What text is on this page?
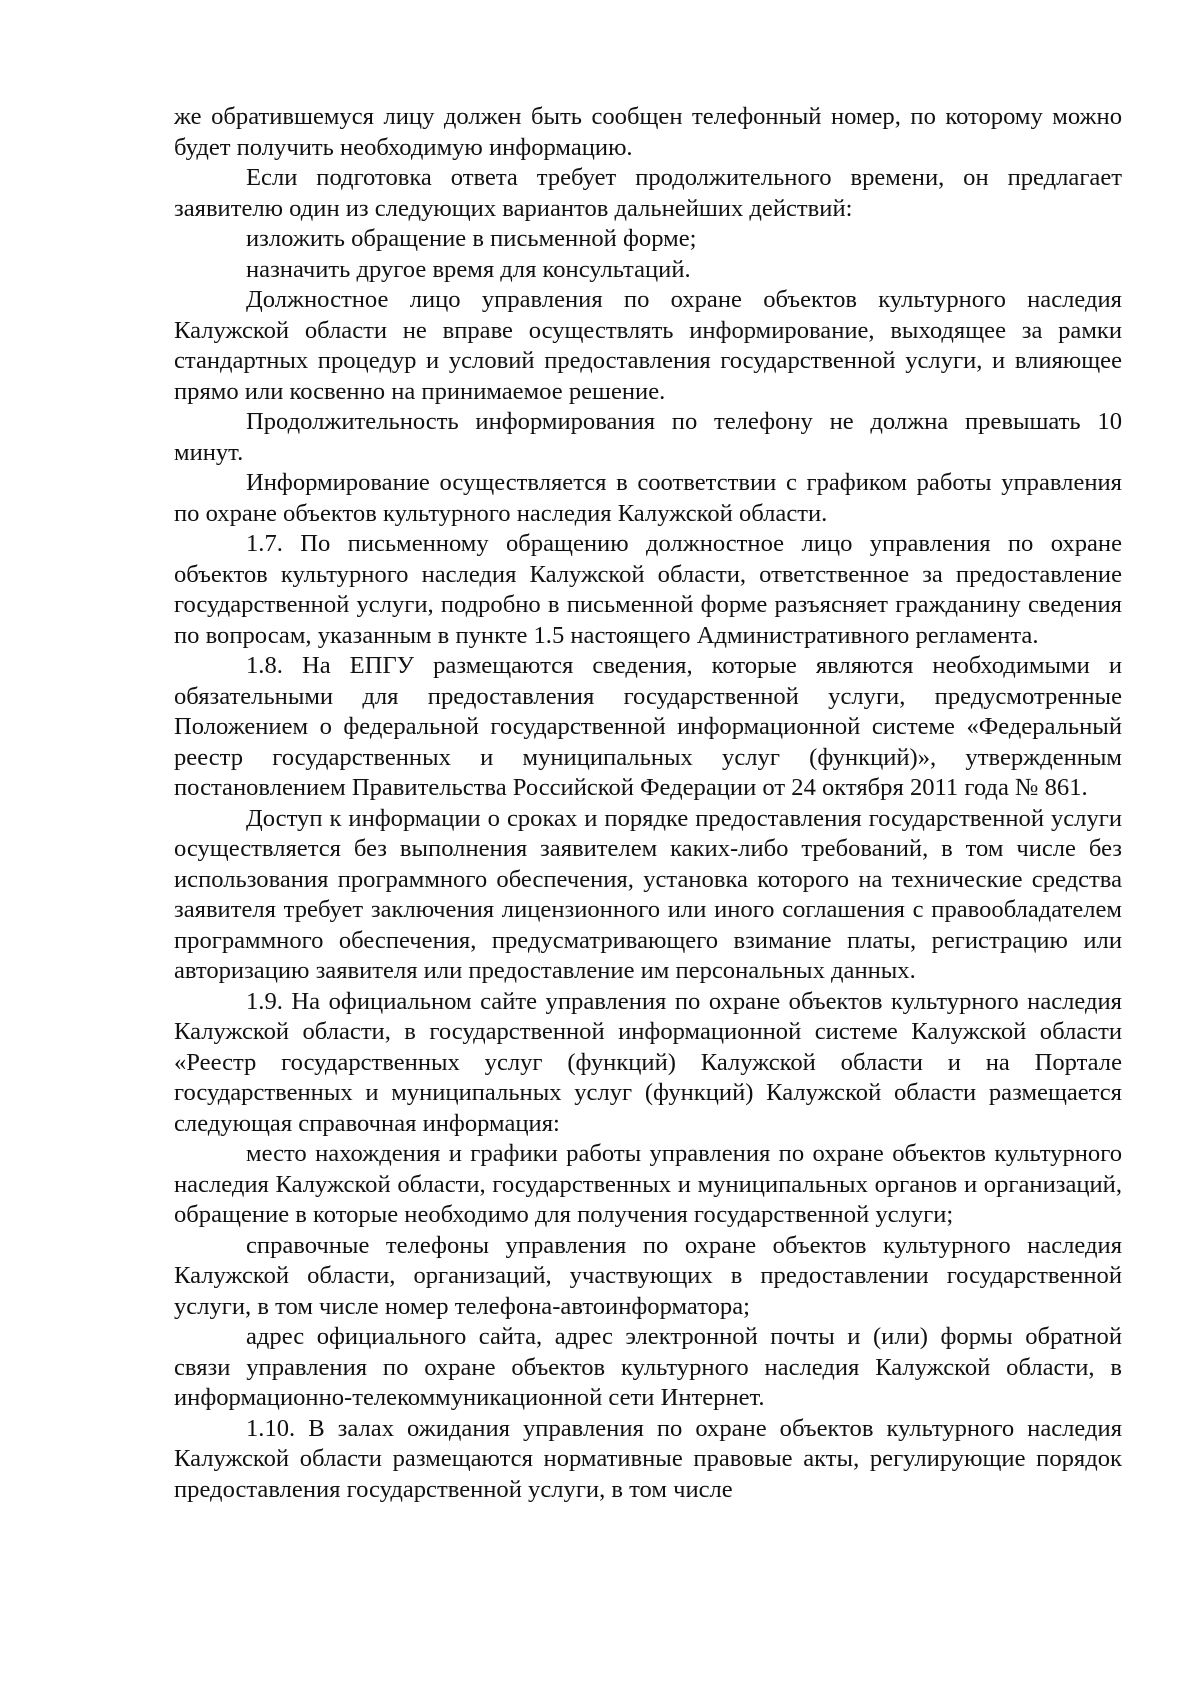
же обратившемуся лицу должен быть сообщен телефонный номер, по которому можно будет получить необходимую информацию.

Если подготовка ответа требует продолжительного времени, он предлагает заявителю один из следующих вариантов дальнейших действий:

изложить обращение в письменной форме;

назначить другое время для консультаций.

Должностное лицо управления по охране объектов культурного наследия Калужской области не вправе осуществлять информирование, выходящее за рамки стандартных процедур и условий предоставления государственной услуги, и влияющее прямо или косвенно на принимаемое решение.

Продолжительность информирования по телефону не должна превышать 10 минут.

Информирование осуществляется в соответствии с графиком работы управления по охране объектов культурного наследия Калужской области.

1.7. По письменному обращению должностное лицо управления по охране объектов культурного наследия Калужской области, ответственное за предоставление государственной услуги, подробно в письменной форме разъясняет гражданину сведения по вопросам, указанным в пункте 1.5 настоящего Административного регламента.

1.8. На ЕПГУ размещаются сведения, которые являются необходимыми и обязательными для предоставления государственной услуги, предусмотренные Положением о федеральной государственной информационной системе «Федеральный реестр государственных и муниципальных услуг (функций)», утвержденным постановлением Правительства Российской Федерации от 24 октября 2011 года № 861.

Доступ к информации о сроках и порядке предоставления государственной услуги осуществляется без выполнения заявителем каких-либо требований, в том числе без использования программного обеспечения, установка которого на технические средства заявителя требует заключения лицензионного или иного соглашения с правообладателем программного обеспечения, предусматривающего взимание платы, регистрацию или авторизацию заявителя или предоставление им персональных данных.

1.9. На официальном сайте управления по охране объектов культурного наследия Калужской области, в государственной информационной системе Калужской области «Реестр государственных услуг (функций) Калужской области и на Портале государственных и муниципальных услуг (функций) Калужской области размещается следующая справочная информация:

место нахождения и графики работы управления по охране объектов культурного наследия Калужской области, государственных и муниципальных органов и организаций, обращение в которые необходимо для получения государственной услуги;

справочные телефоны управления по охране объектов культурного наследия Калужской области, организаций, участвующих в предоставлении государственной услуги, в том числе номер телефона-автоинформатора;

адрес официального сайта, адрес электронной почты и (или) формы обратной связи управления по охране объектов культурного наследия Калужской области, в информационно-телекоммуникационной сети Интернет.

1.10. В залах ожидания управления по охране объектов культурного наследия Калужской области размещаются нормативные правовые акты, регулирующие порядок предоставления государственной услуги, в том числе
